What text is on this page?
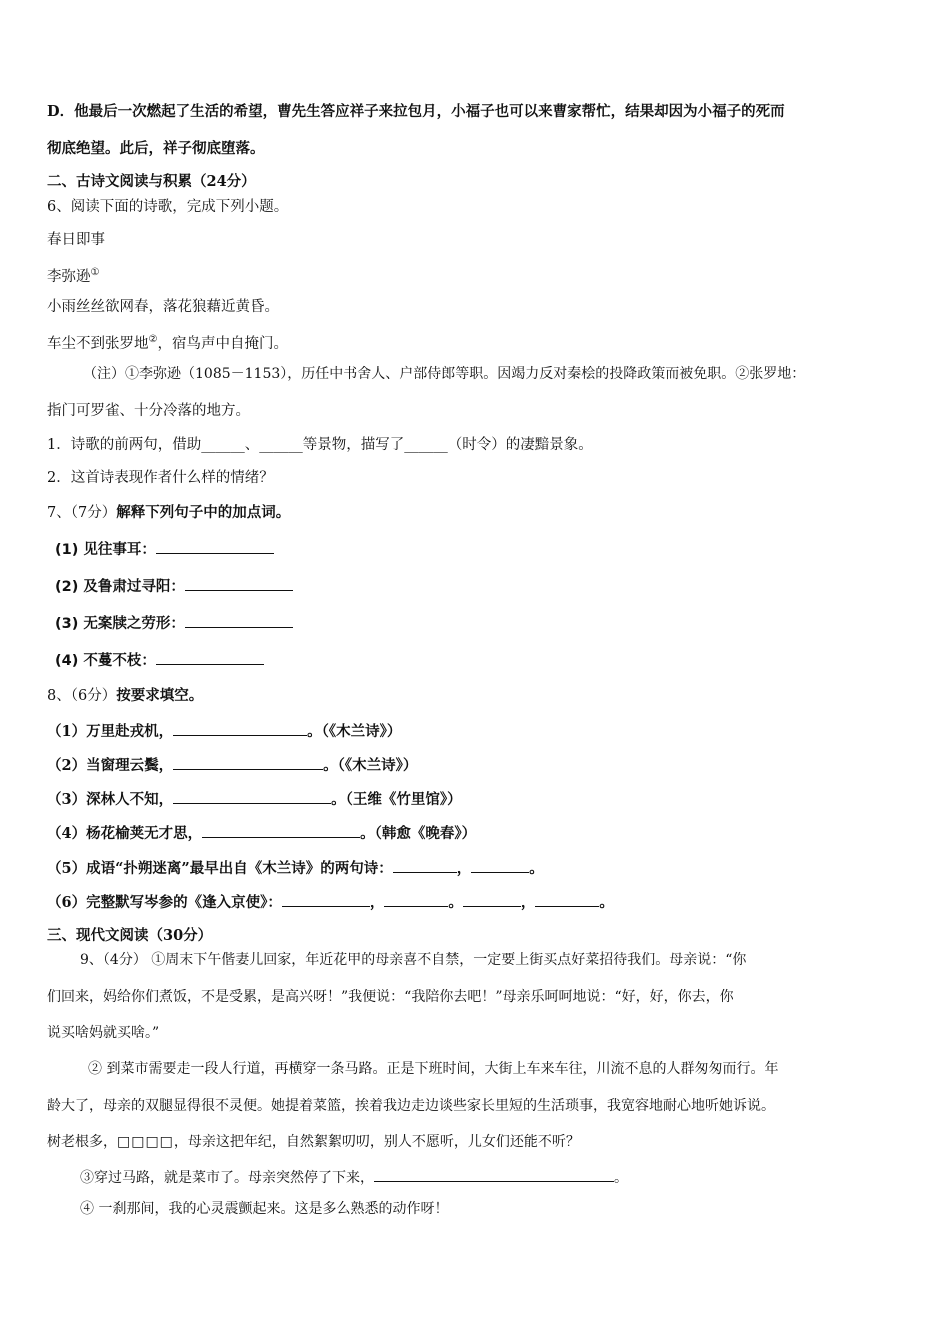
D．他最后一次燃起了生活的希望，曹先生答应祥子来拉包月，小福子也可以来曹家帮忙，结果却因为小福子的死而
彻底绝望。此后，祥子彻底堕落。
二、古诗文阅读与积累（24分）
6、阅读下面的诗歌，完成下列小题。
春日即事
李弥逊①
小雨丝丝欲网春，落花狼藉近黄昏。
车尘不到张罗地②，宿鸟声中自掩门。
（注）①李弥逊（1085－1153），历任中书舍人、户部侍郎等职。因竭力反对秦桧的投降政策而被免职。②张罗地：
指门可罗雀、十分冷落的地方。
1．诗歌的前两句，借助______、______等景物，描写了______（时令）的凄黯景象。
2．这首诗表现作者什么样的情绪？
7、（7分）解释下列句子中的加点词。
(1) 见往事耳：
(2) 及鲁肃过寻阳：
(3) 无案牍之劳形：
(4) 不蔓不枝：
8、（6分）按要求填空。
（1）万里赴戎机，	。（《木兰诗》）
（2）当窗理云鬓，	。（《木兰诗》）
（3）深林人不知，	。（王维《竹里馆》）
（4）杨花榆荚无才思，	。（韩愈《晚春》）
（5）成语“扑朔迷离”最早出自《木兰诗》的两句诗：	，	。
（6）完整默写岑参的《逢入京使》：	，	。	，	。
三、现代文阅读（30分）
9、（4分） ①周末下午偕妻儿回家，年近花甲的母亲喜不自禁，一定要上街买点好菜招待我们。母亲说：“你
们回来，妈给你们煮饭，不是受累，是高兴呀！”我便说：“我陪你去吧！”母亲乐呵呵地说：“好，好，你去，你
说买啥妈就买啥。”
② 到菜市需要走一段人行道，再横穿一条马路。正是下班时间，大街上车来车往，川流不息的人群匆匆而行。年
龄大了，母亲的双腿显得很不灵便。她提着菜篮，挨着我边走边谈些家长里短的生活琐事，我宽容地耐心地听她诉说。
树老根多，□□□□，母亲这把年纪，自然絮絮叨叨，别人不愿听，儿女们还能不听？
③穿过马路，就是菜市了。母亲突然停了下来，	。
④ 一刹那间，我的心灵震颤起来。这是多么熟悉的动作呀！
